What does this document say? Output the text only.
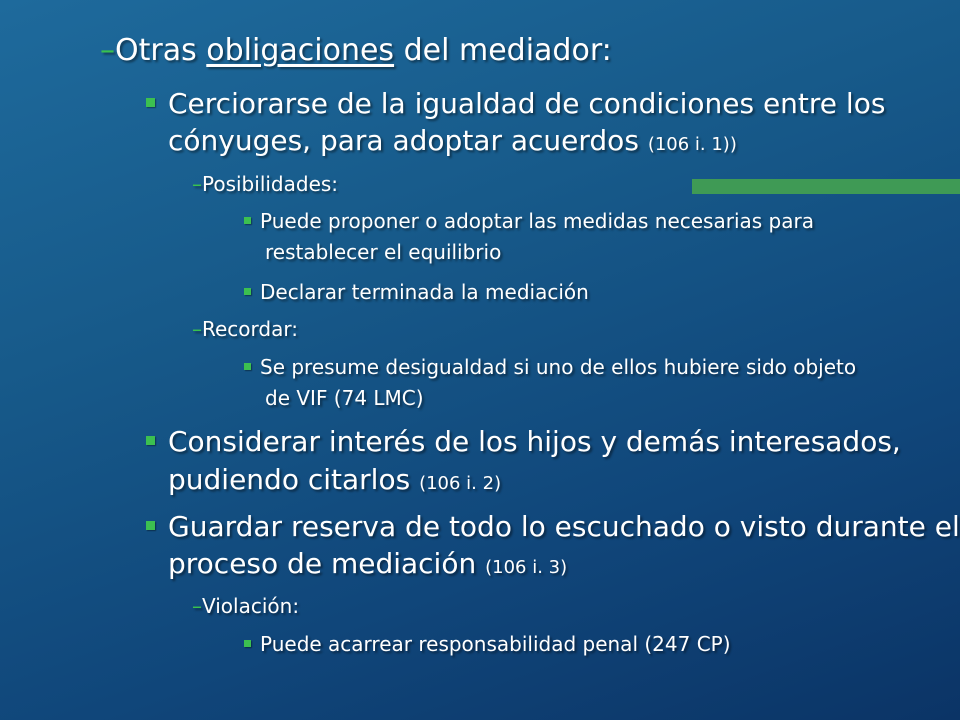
–Otras obligaciones del mediador:
Cerciorarse de la igualdad de condiciones entre los
cónyuges, para adoptar acuerdos (106 i. 1))
–Posibilidades:
Puede proponer o adoptar las medidas necesarias para
restablecer el equilibrio
Declarar terminada la mediación
–Recordar:
Se presume desigualdad si uno de ellos hubiere sido objeto
de VIF (74 LMC)
Considerar interés de los hijos y demás interesados,
pudiendo citarlos (106 i. 2)
Guardar reserva de todo lo escuchado o visto durante el
proceso de mediación (106 i. 3)
–Violación:
Puede acarrear responsabilidad penal (247 CP)
